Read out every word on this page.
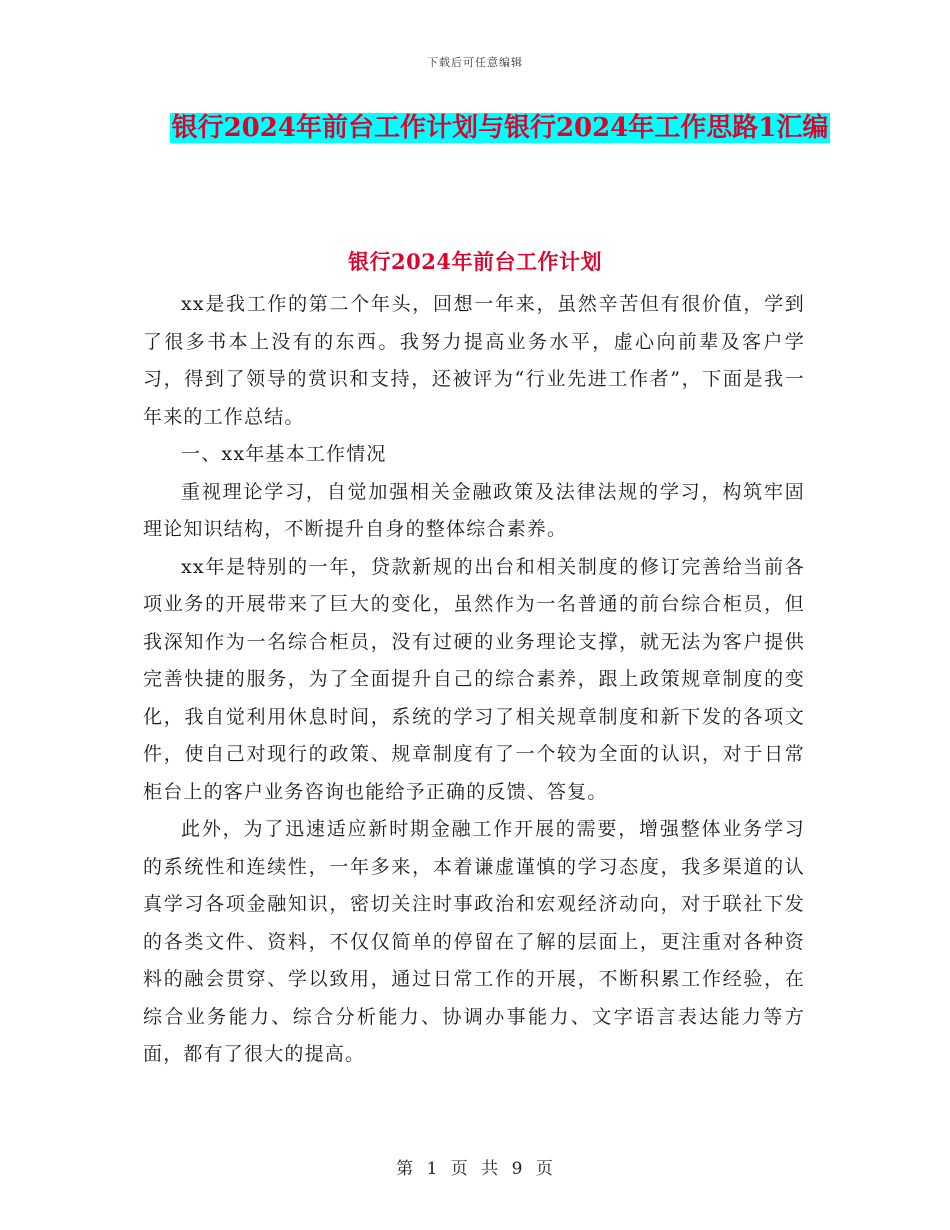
下载后可任意编辑
银行2024年前台工作计划与银行2024年工作思路1汇编
银行2024年前台工作计划

xx是我工作的第二个年头，回想一年来，虽然辛苦但有很价值，学到了很多书本上没有的东西。我努力提高业务水平，虚心向前辈及客户学习，得到了领导的赏识和支持，还被评为“行业先进工作者”，下面是我一年来的工作总结。

一、xx年基本工作情况

重视理论学习，自觉加强相关金融政策及法律法规的学习，构筑牢固理论知识结构，不断提升自身的整体综合素养。

xx年是特别的一年，贷款新规的出台和相关制度的修订完善给当前各项业务的开展带来了巨大的变化，虽然作为一名普通的前台综合柜员，但我深知作为一名综合柜员，没有过硬的业务理论支撑，就无法为客户提供完善快捷的服务，为了全面提升自己的综合素养，跟上政策规章制度的变化，我自觉利用休息时间，系统的学习了相关规章制度和新下发的各项文件，使自己对现行的政策、规章制度有了一个较为全面的认识，对于日常柜台上的客户业务咨询也能给予正确的反馈、答复。

此外，为了迅速适应新时期金融工作开展的需要，增强整体业务学习的系统性和连续性，一年多来，本着谦虚谨慎的学习态度，我多渠道的认真学习各项金融知识，密切关注时事政治和宏观经济动向，对于联社下发的各类文件、资料，不仅仅简单的停留在了解的层面上，更注重对各种资料的融会贯穿、学以致用，通过日常工作的开展，不断积累工作经验，在综合业务能力、综合分析能力、协调办事能力、文字语言表达能力等方面，都有了很大的提高。

第 1 页 共 9 页
